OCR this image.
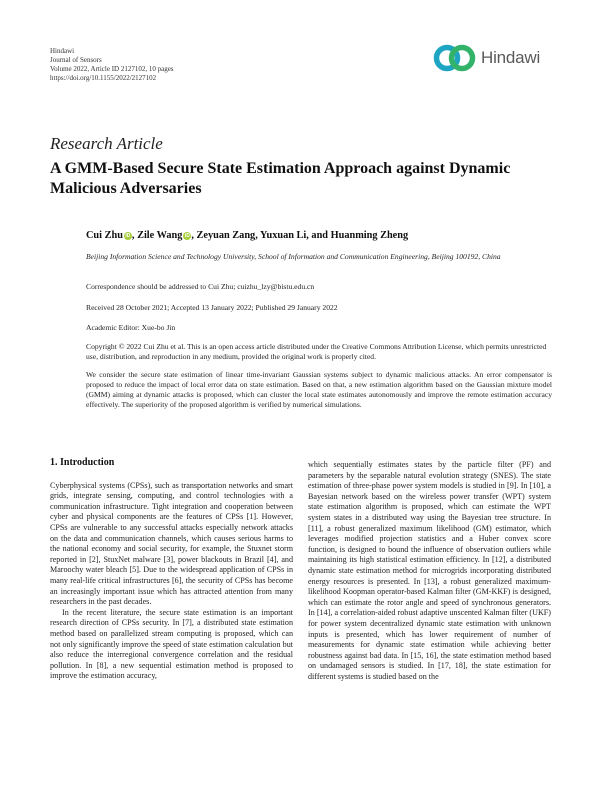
Hindawi
Journal of Sensors
Volume 2022, Article ID 2127102, 10 pages
https://doi.org/10.1155/2022/2127102
Hindawi
Research Article
A GMM-Based Secure State Estimation Approach against Dynamic Malicious Adversaries
Cui Zhu iD , Zile Wang iD , Zeyuan Zang, Yuxuan Li, and Huanming Zheng
Beijing Information Science and Technology University, School of Information and Communication Engineering, Beijing 100192, China
Correspondence should be addressed to Cui Zhu; cuizhu_lzy@bistu.edu.cn
Received 28 October 2021; Accepted 13 January 2022; Published 29 January 2022
Academic Editor: Xue-bo Jin
Copyright © 2022 Cui Zhu et al. This is an open access article distributed under the Creative Commons Attribution License, which permits unrestricted use, distribution, and reproduction in any medium, provided the original work is properly cited.
We consider the secure state estimation of linear time-invariant Gaussian systems subject to dynamic malicious attacks. An error compensator is proposed to reduce the impact of local error data on state estimation. Based on that, a new estimation algorithm based on the Gaussian mixture model (GMM) aiming at dynamic attacks is proposed, which can cluster the local state estimates autonomously and improve the remote estimation accuracy effectively. The superiority of the proposed algorithm is verified by numerical simulations.
1. Introduction

Cyberphysical systems (CPSs), such as transportation networks and smart grids, integrate sensing, computing, and control technologies with a communication infrastructure. Tight integration and cooperation between cyber and physical components are the features of CPSs [1]. However, CPSs are vulnerable to any successful attacks especially network attacks on the data and communication channels, which causes serious harms to the national economy and social security, for example, the Stuxnet storm reported in [2], StuxNet malware [3], power blackouts in Brazil [4], and Maroochy water bleach [5]. Due to the widespread application of CPSs in many real-life critical infrastructures [6], the security of CPSs has become an increasingly important issue which has attracted attention from many researchers in the past decades.

In the recent literature, the secure state estimation is an important research direction of CPSs security. In [7], a distributed state estimation method based on parallelized stream computing is proposed, which can not only significantly improve the speed of state estimation calculation but also reduce the interregional convergence correlation and the residual pollution. In [8], a new sequential estimation method is proposed to improve the estimation accuracy,

which sequentially estimates states by the particle filter (PF) and parameters by the separable natural evolution strategy (SNES). The state estimation of three-phase power system models is studied in [9]. In [10], a Bayesian network based on the wireless power transfer (WPT) system state estimation algorithm is proposed, which can estimate the WPT system states in a distributed way using the Bayesian tree structure. In [11], a robust generalized maximum likelihood (GM) estimator, which leverages modified projection statistics and a Huber convex score function, is designed to bound the influence of observation outliers while maintaining its high statistical estimation efficiency. In [12], a distributed dynamic state estimation method for microgrids incorporating distributed energy resources is presented. In [13], a robust generalized maximum-likelihood Koopman operator-based Kalman filter (GM-KKF) is designed, which can estimate the rotor angle and speed of synchronous generators. In [14], a correlation-aided robust adaptive unscented Kalman filter (UKF) for power system decentralized dynamic state estimation with unknown inputs is presented, which has lower requirement of number of measurements for dynamic state estimation while achieving better robustness against bad data. In [15, 16], the state estimation method based on undamaged sensors is studied. In [17, 18], the state estimation for different systems is studied based on the
